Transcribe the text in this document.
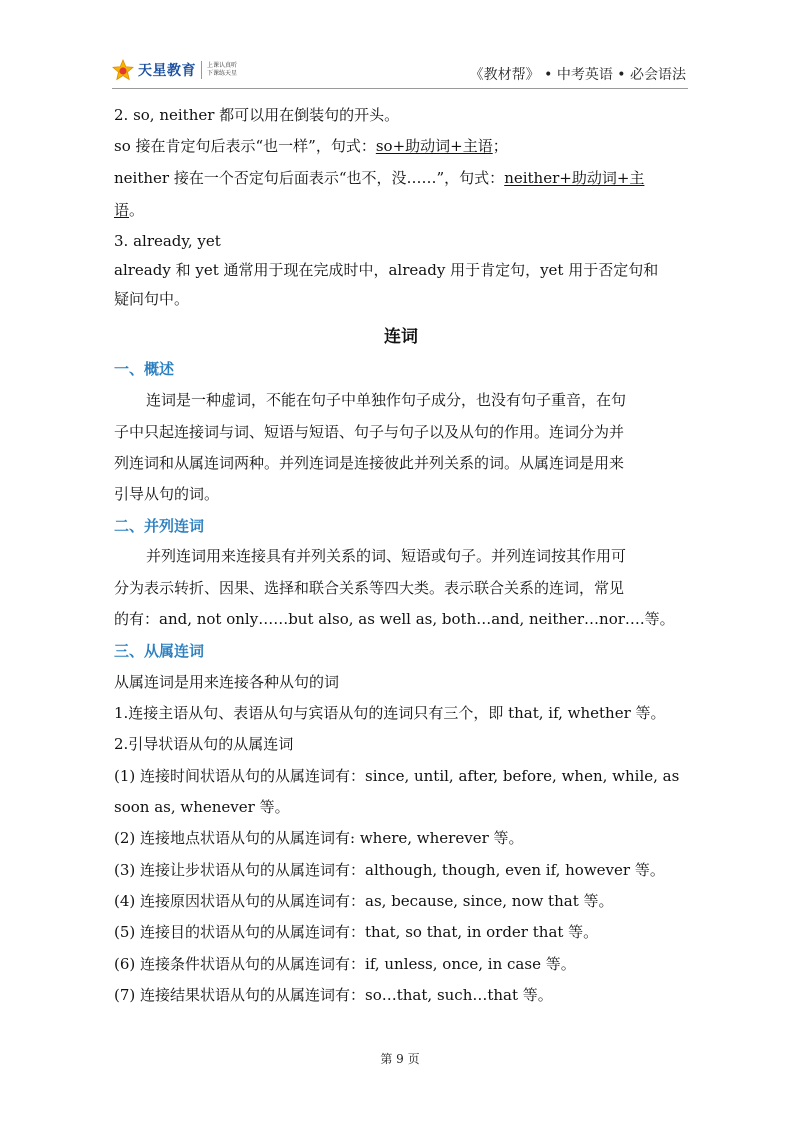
天星教育 上课认真听
下课练天星	《教材帮》 • 中考英语 • 必会语法
2. so, neither 都可以用在倒装句的开头。
so 接在肯定句后表示“也一样”，句式：so+助动词+主语；
neither 接在一个否定句后面表示“也不，没……”，句式：neither+助动词+主
语。
3. already, yet
already 和 yet 通常用于现在完成时中，already 用于肯定句，yet 用于否定句和
疑问句中。
连词
一、概述
连词是一种虚词，不能在句子中单独作句子成分，也没有句子重音，在句
子中只起连接词与词、短语与短语、句子与句子以及从句的作用。连词分为并
列连词和从属连词两种。并列连词是连接彼此并列关系的词。从属连词是用来
引导从句的词。
二、并列连词
并列连词用来连接具有并列关系的词、短语或句子。并列连词按其作用可
分为表示转折、因果、选择和联合关系等四大类。表示联合关系的连词，常见
的有：and, not only……but also, as well as, both…and, neither…nor….等。
三、从属连词
从属连词是用来连接各种从句的词
1.连接主语从句、表语从句与宾语从句的连词只有三个，即 that, if, whether 等。
2.引导状语从句的从属连词
(1) 连接时间状语从句的从属连词有：since, until, after, before, when, while, as
soon as, whenever 等。
(2) 连接地点状语从句的从属连词有: where, wherever 等。
(3) 连接让步状语从句的从属连词有：although, though, even if, however 等。
(4) 连接原因状语从句的从属连词有：as, because, since, now that 等。
(5) 连接目的状语从句的从属连词有：that, so that, in order that 等。
(6) 连接条件状语从句的从属连词有：if, unless, once, in case 等。
(7) 连接结果状语从句的从属连词有：so…that, such…that 等。
第 9 页
